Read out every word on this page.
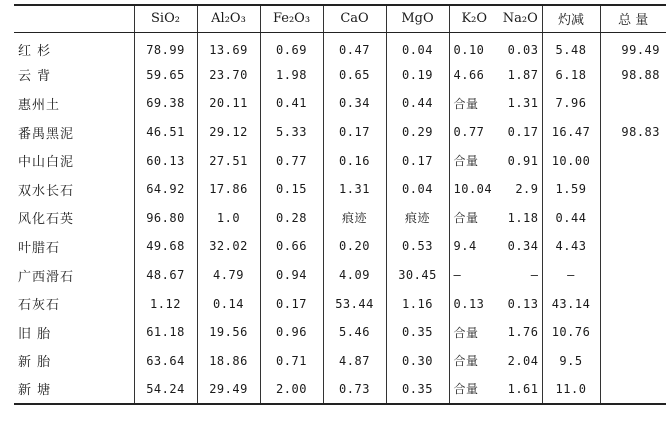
	SiO₂	Al₂O₃	Fe₂O₃	CaO	MgO	K₂O	Na₂O	灼减	总 量
红 杉	78.99	13.69	0.69	0.47	0.04	0.10	0.03	5.48	99.49
云 背	59.65	23.70	1.98	0.65	0.19	4.66	1.87	6.18	98.88
惠州土	69.38	20.11	0.41	0.34	0.44	合量	1.31	7.96	
番禺黑泥	46.51	29.12	5.33	0.17	0.29	0.77	0.17	16.47	98.83
中山白泥	60.13	27.51	0.77	0.16	0.17	合量	0.91	10.00	
双水长石	64.92	17.86	0.15	1.31	0.04	10.04	2.9	1.59	
风化石英	96.80	1.0	0.28	痕迹	痕迹	合量	1.18	0.44	
叶腊石	49.68	32.02	0.66	0.20	0.53	9.4	0.34	4.43	
广西滑石	48.67	4.79	0.94	4.09	30.45	—	—	—	
石灰石	1.12	0.14	0.17	53.44	1.16	0.13	0.13	43.14	
旧 胎	61.18	19.56	0.96	5.46	0.35	合量	1.76	10.76	
新 胎	63.64	18.86	0.71	4.87	0.30	合量	2.04	9.5	
新 塘	54.24	29.49	2.00	0.73	0.35	合量	1.61	11.0	
